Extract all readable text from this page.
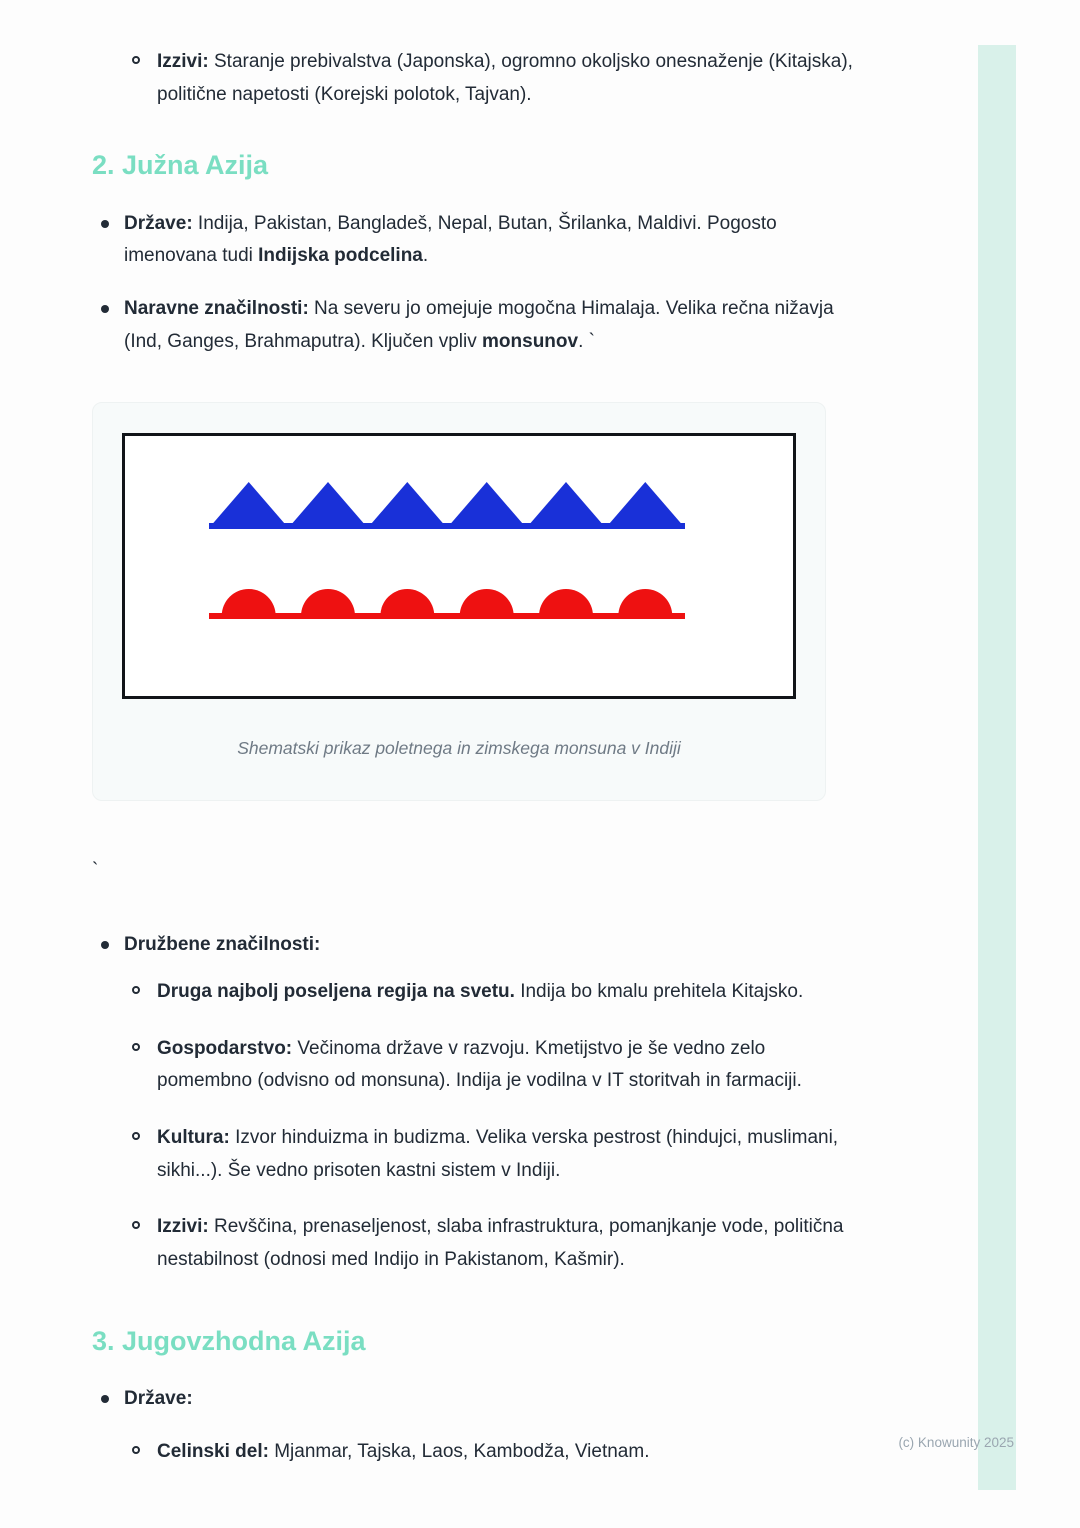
Izzivi: Staranje prebivalstva (Japonska), ogromno okoljsko onesnaženje (Kitajska), politične napetosti (Korejski polotok, Tajvan).

2. Južna Azija

Države: Indija, Pakistan, Bangladeš, Nepal, Butan, Šrilanka, Maldivi. Pogosto imenovana tudi Indijska podcelina.

Naravne značilnosti: Na severu jo omejuje mogočna Himalaja. Velika rečna nižavja (Ind, Ganges, Brahmaputra). Ključen vpliv monsunov. `

Shematski prikaz poletnega in zimskega monsuna v Indiji

`

Družbene značilnosti:

Druga najbolj poseljena regija na svetu. Indija bo kmalu prehitela Kitajsko.

Gospodarstvo: Večinoma države v razvoju. Kmetijstvo je še vedno zelo pomembno (odvisno od monsuna). Indija je vodilna v IT storitvah in farmaciji.

Kultura: Izvor hinduizma in budizma. Velika verska pestrost (hindujci, muslimani, sikhi...). Še vedno prisoten kastni sistem v Indiji.

Izzivi: Revščina, prenaseljenost, slaba infrastruktura, pomanjkanje vode, politična nestabilnost (odnosi med Indijo in Pakistanom, Kašmir).

3. Jugovzhodna Azija

Države:

Celinski del: Mjanmar, Tajska, Laos, Kambodža, Vietnam.	(c) Knowunity 2025
